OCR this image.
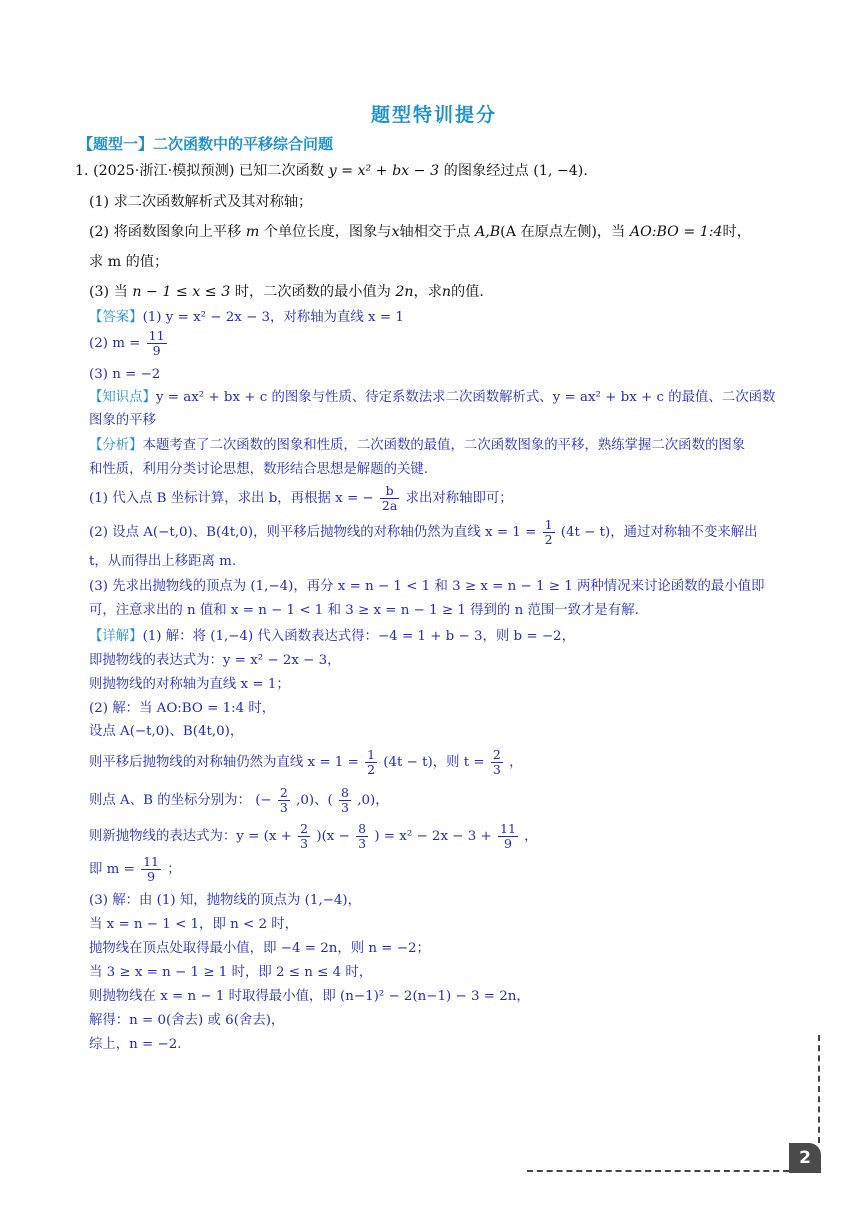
题型特训提分
【题型一】二次函数中的平移综合问题
1. (2025·浙江·模拟预测) 已知二次函数 y = x² + bx − 3 的图象经过点 (1, −4).
(1) 求二次函数解析式及其对称轴；
(2) 将函数图象向上平移 m 个单位长度，图象与x轴相交于点 A,B(A 在原点左侧)，当 AO:BO = 1:4时，
求 m 的值；
(3) 当 n − 1 ≤ x ≤ 3 时，二次函数的最小值为 2n，求n的值.
【答案】(1) y = x² − 2x − 3，对称轴为直线 x = 1
(2) $m = \frac{11}{9}$
(3) n = −2
【知识点】y = ax² + bx + c 的图象与性质、待定系数法求二次函数解析式、y = ax² + bx + c 的最值、二次函数
图象的平移
【分析】本题考查了二次函数的图象和性质，二次函数的最值，二次函数图象的平移，熟练掌握二次函数的图象
和性质，利用分类讨论思想，数形结合思想是解题的关键.
(1) 代入点 B 坐标计算，求出 b，再根据 x = − $\frac{b}{2a}$ 求出对称轴即可；
(2) 设点 A(−t,0)、B(4t,0)，则平移后抛物线的对称轴仍然为直线 $x = 1 = \frac{1}{2} (4t - t)$，通过对称轴不变来解出
t，从而得出上移距离 m.
(3) 先求出抛物线的顶点为 (1,−4)，再分 x = n − 1 < 1 和 3 ≥ x = n − 1 ≥ 1 两种情况来讨论函数的最小值即
可，注意求出的 n 值和 x = n − 1 < 1 和 3 ≥ x = n − 1 ≥ 1 得到的 n 范围一致才是有解.
【详解】(1) 解：将 (1,−4) 代入函数表达式得：−4 = 1 + b − 3，则 b = −2，
即抛物线的表达式为：y = x² − 2x − 3，
则抛物线的对称轴为直线 x = 1；
(2) 解：当 AO:BO = 1:4 时，
设点 A(−t,0)、B(4t,0)，
则平移后抛物线的对称轴仍然为直线 $x = 1 = \frac{1}{2} (4t - t)$，则 $t = \frac{2}{3}$ ，
则点 A、B 的坐标分别为： (− $\frac{2}{3} ,0$)、( $\frac{8}{3} ,0$)，
则新抛物线的表达式为：$y = (x + \frac{2}{3} )(x - \frac{8}{3}$ ) = $x^2 - 2x - 3 + \frac{11}{9}$ ，
即 $m = \frac{11}{9}$ ；
(3) 解：由 (1) 知，抛物线的顶点为 (1,−4)，
当 x = n − 1 < 1，即 n < 2 时，
抛物线在顶点处取得最小值，即 −4 = 2n，则 n = −2；
当 3 ≥ x = n − 1 ≥ 1 时，即 2 ≤ n ≤ 4 时，
则抛物线在 x = n − 1 时取得最小值，即 (n−1)² − 2(n−1) − 3 = 2n，
解得：n = 0(舍去) 或 6(舍去)，
综上，n = −2.
2
